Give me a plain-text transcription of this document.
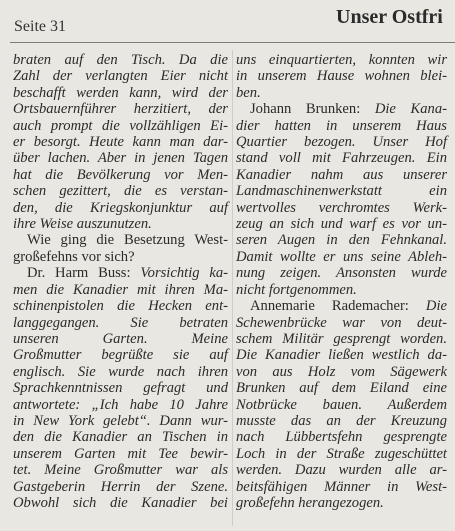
Seite 31	Unser Ostfri
braten auf den Tisch. Da die
Zahl der verlangten Eier nicht
beschafft werden kann, wird der
Ortsbauernführer herzitiert, der
auch prompt die vollzähligen Ei-
er besorgt. Heute kann man dar-
über lachen. Aber in jenen Tagen
hat die Bevölkerung vor Men-
schen gezittert, die es verstan-
den, die Kriegskonjunktur auf
ihre Weise auszunutzen.
Wie ging die Besetzung West-
großefehns vor sich?
Dr. Harm Buss: Vorsichtig ka-
men die Kanadier mit ihren Ma-
schinenpistolen die Hecken ent-
langgegangen. Sie betraten
unseren Garten. Meine
Großmutter begrüßte sie auf
englisch. Sie wurde nach ihren
Sprachkenntnissen gefragt und
antwortete: „Ich habe 10 Jahre
in New York gelebt“. Dann wur-
den die Kanadier an Tischen in
unserem Garten mit Tee bewir-
tet. Meine Großmutter war als
Gastgeberin Herrin der Szene.
Obwohl sich die Kanadier bei
uns einquartierten, konnten wir
in unserem Hause wohnen blei-
ben.
Johann Brunken: Die Kana-
dier hatten in unserem Haus
Quartier bezogen. Unser Hof
stand voll mit Fahrzeugen. Ein
Kanadier nahm aus unserer
Landmaschinenwerkstatt ein
wertvolles verchromtes Werk-
zeug an sich und warf es vor un-
seren Augen in den Fehnkanal.
Damit wollte er uns seine Ableh-
nung zeigen. Ansonsten wurde
nicht fortgenommen.
Annemarie Rademacher: Die
Schewenbrücke war von deut-
schem Militär gesprengt worden.
Die Kanadier ließen westlich da-
von aus Holz vom Sägewerk
Brunken auf dem Eiland eine
Notbrücke bauen. Außerdem
musste das an der Kreuzung
nach Lübbertsfehn gesprengte
Loch in der Straße zugeschüttet
werden. Dazu wurden alle ar-
beitsfähigen Männer in West-
großefehn herangezogen.
